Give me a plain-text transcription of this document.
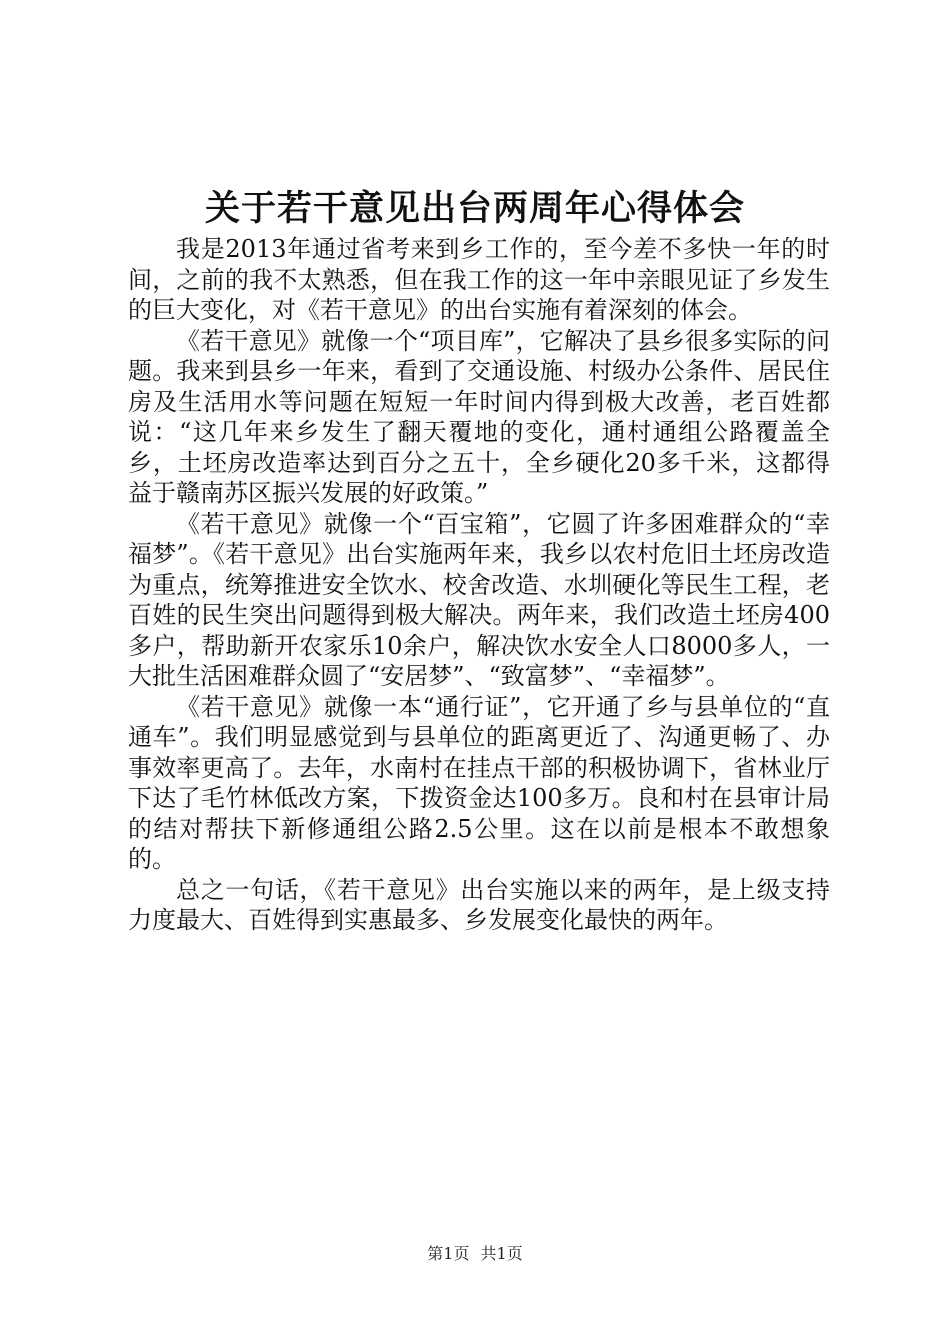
关于若干意见出台两周年心得体会

我是2013年通过省考来到乡工作的，至今差不多快一年的时间，之前的我不太熟悉，但在我工作的这一年中亲眼见证了乡发生的巨大变化，对《若干意见》的出台实施有着深刻的体会。

《若干意见》就像一个“项目库”，它解决了县乡很多实际的问题。我来到县乡一年来，看到了交通设施、村级办公条件、居民住房及生活用水等问题在短短一年时间内得到极大改善，老百姓都说：“这几年来乡发生了翻天覆地的变化，通村通组公路覆盖全乡，土坯房改造率达到百分之五十，全乡硬化20多千米，这都得益于赣南苏区振兴发展的好政策。”

《若干意见》就像一个“百宝箱”，它圆了许多困难群众的“幸福梦”。《若干意见》出台实施两年来，我乡以农村危旧土坯房改造为重点，统筹推进安全饮水、校舍改造、水圳硬化等民生工程，老百姓的民生突出问题得到极大解决。两年来，我们改造土坯房400多户，帮助新开农家乐10余户，解决饮水安全人口8000多人，一大批生活困难群众圆了“安居梦”、“致富梦”、“幸福梦”。

《若干意见》就像一本“通行证”，它开通了乡与县单位的“直通车”。我们明显感觉到与县单位的距离更近了、沟通更畅了、办事效率更高了。去年，水南村在挂点干部的积极协调下，省林业厅下达了毛竹林低改方案，下拨资金达100多万。良和村在县审计局的结对帮扶下新修通组公路2.5公里。这在以前是根本不敢想象的。

总之一句话，《若干意见》出台实施以来的两年，是上级支持力度最大、百姓得到实惠最多、乡发展变化最快的两年。

第1页 共1页
